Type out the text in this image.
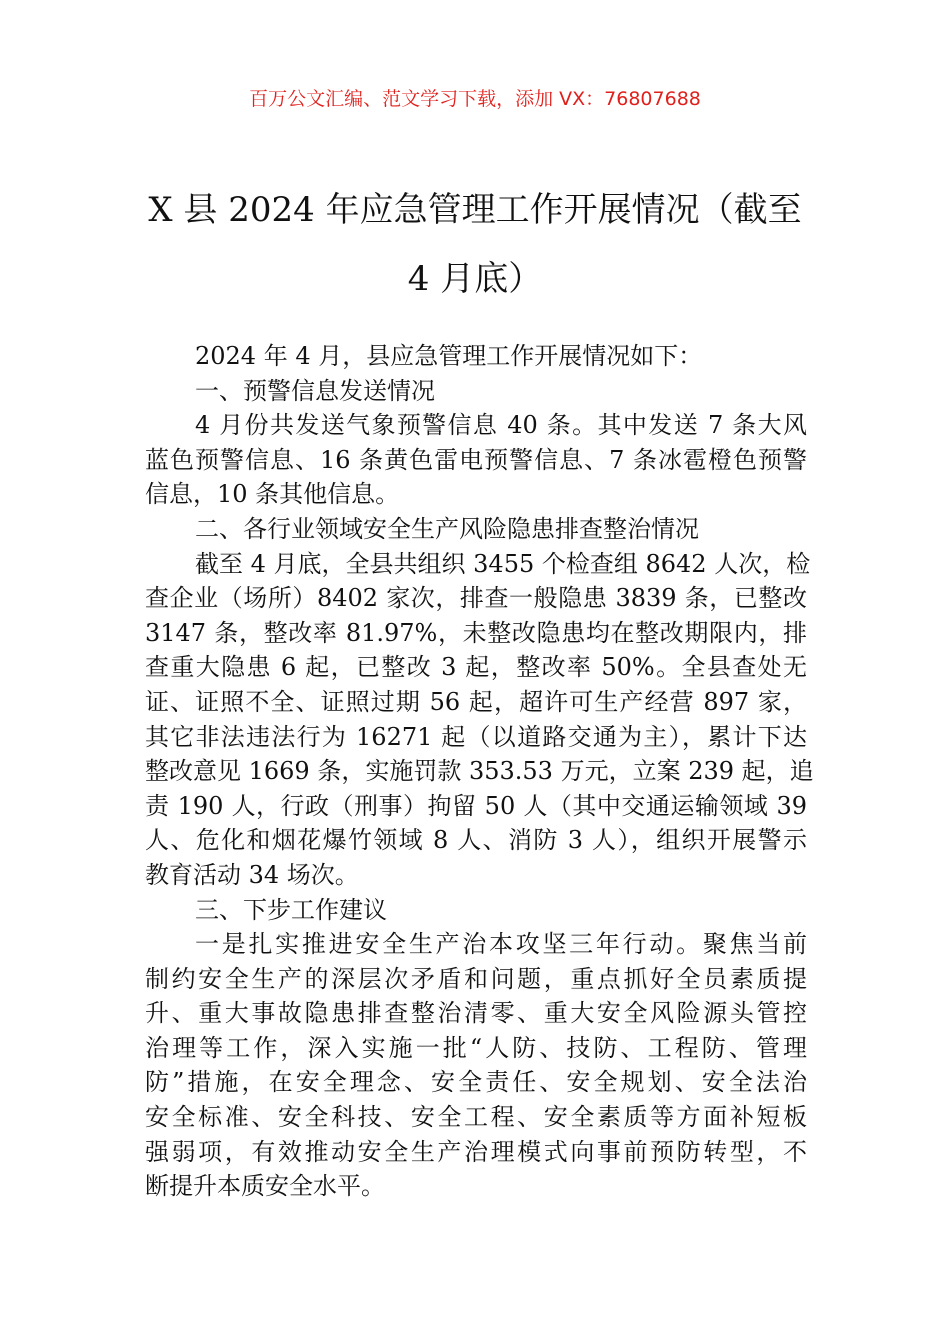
百万公文汇编、范文学习下载，添加 VX：76807688
X 县 2024 年应急管理工作开展情况（截至
4 月底）
2024 年 4 月，县应急管理工作开展情况如下：
一、预警信息发送情况
4 月份共发送气象预警信息 40 条。其中发送 7 条大风
蓝色预警信息、16 条黄色雷电预警信息、7 条冰雹橙色预警
信息，10 条其他信息。
二、各行业领域安全生产风险隐患排查整治情况
截至 4 月底，全县共组织 3455 个检查组 8642 人次，检
查企业（场所）8402 家次，排查一般隐患 3839 条，已整改
3147 条，整改率 81.97%，未整改隐患均在整改期限内，排
查重大隐患 6 起，已整改 3 起，整改率 50%。全县查处无
证、证照不全、证照过期 56 起，超许可生产经营 897 家，
其它非法违法行为 16271 起（以道路交通为主），累计下达
整改意见 1669 条，实施罚款 353.53 万元，立案 239 起，追
责 190 人，行政（刑事）拘留 50 人（其中交通运输领域 39
人、危化和烟花爆竹领域 8 人、消防 3 人），组织开展警示
教育活动 34 场次。
三、下步工作建议
一是扎实推进安全生产治本攻坚三年行动。聚焦当前
制约安全生产的深层次矛盾和问题，重点抓好全员素质提
升、重大事故隐患排查整治清零、重大安全风险源头管控
治理等工作，深入实施一批“人防、技防、工程防、管理
防”措施，在安全理念、安全责任、安全规划、安全法治
安全标准、安全科技、安全工程、安全素质等方面补短板
强弱项，有效推动安全生产治理模式向事前预防转型，不
断提升本质安全水平。
